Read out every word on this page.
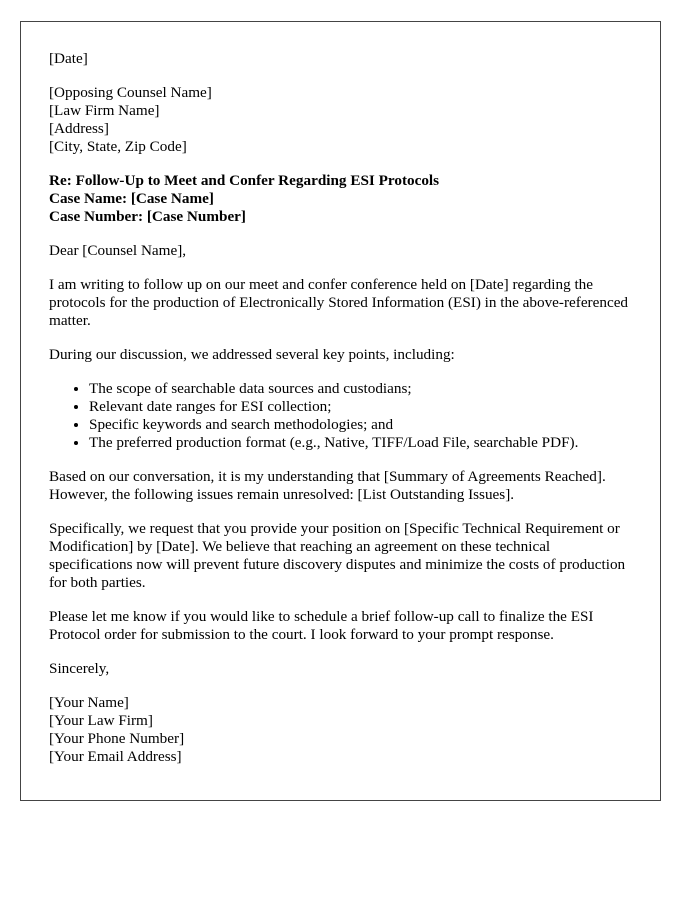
[Date]

[Opposing Counsel Name]
[Law Firm Name]
[Address]
[City, State, Zip Code]

Re: Follow-Up to Meet and Confer Regarding ESI Protocols
Case Name: [Case Name]
Case Number: [Case Number]

Dear [Counsel Name],

I am writing to follow up on our meet and confer conference held on [Date] regarding the protocols for the production of Electronically Stored Information (ESI) in the above-referenced matter.

During our discussion, we addressed several key points, including:

• The scope of searchable data sources and custodians;
• Relevant date ranges for ESI collection;
• Specific keywords and search methodologies; and
• The preferred production format (e.g., Native, TIFF/Load File, searchable PDF).

Based on our conversation, it is my understanding that [Summary of Agreements Reached]. However, the following issues remain unresolved: [List Outstanding Issues].

Specifically, we request that you provide your position on [Specific Technical Requirement or Modification] by [Date]. We believe that reaching an agreement on these technical specifications now will prevent future discovery disputes and minimize the costs of production for both parties.

Please let me know if you would like to schedule a brief follow-up call to finalize the ESI Protocol order for submission to the court. I look forward to your prompt response.

Sincerely,

[Your Name]
[Your Law Firm]
[Your Phone Number]
[Your Email Address]
